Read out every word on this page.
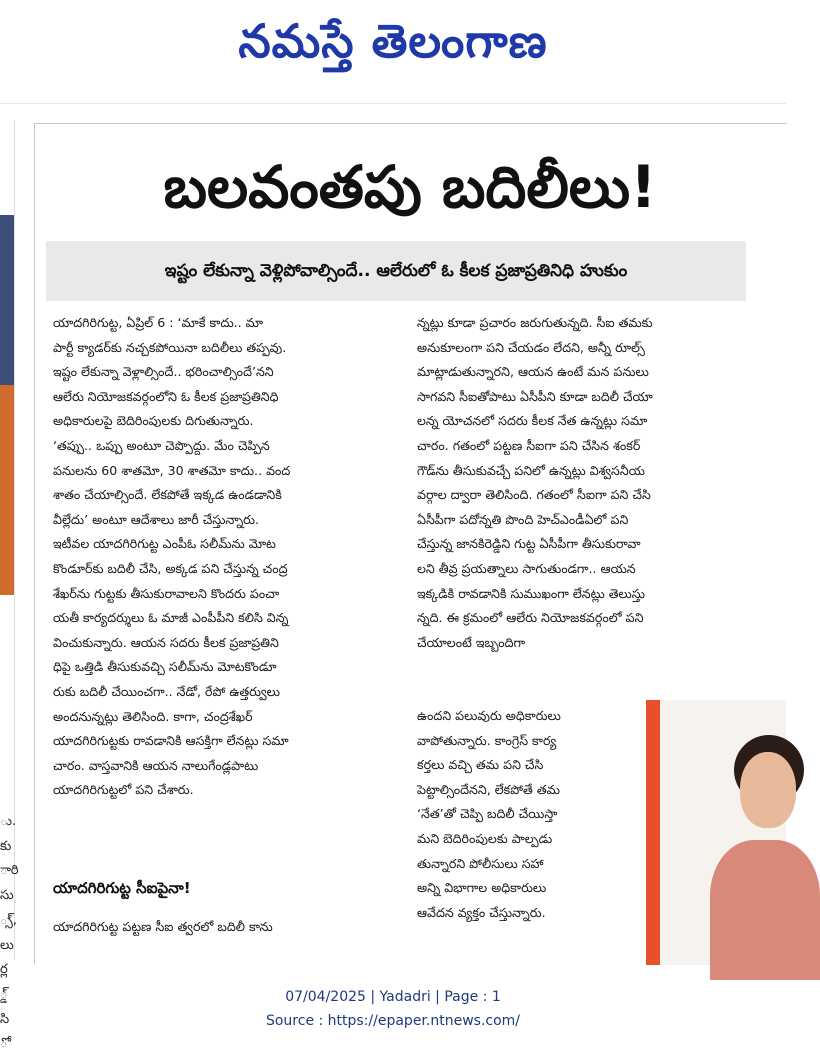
నమస్తే తెలంగాణ
ు.
కు
ారి
సు
్స్,
లు
ర్ల
్డ్
సి
ో
బలవంతపు బదిలీలు!
ఇష్టం లేకున్నా వెళ్లిపోవాల్సిందే.. ఆలేరులో ఓ కీలక ప్రజాప్రతినిధి హుకుం
యాదగిరిగుట్ట, ఏప్రిల్ 6 : ‘మాకే కాదు.. మా
పార్టీ క్యాడర్‌కు నచ్చకపోయినా బదిలీలు తప్పవు.
ఇష్టం లేకున్నా వెళ్లాల్సిందే.. భరించాల్సిందే’నని
ఆలేరు నియోజకవర్గంలోని ఓ కీలక ప్రజాప్రతినిధి
అధికారులపై బెదిరింపులకు దిగుతున్నారు.
‘తప్పు.. ఒప్పు అంటూ చెప్పొద్దు. మేం చెప్పిన
పనులను 60 శాతమో, 30 శాతమో కాదు.. వంద
శాతం చేయాల్సిందే. లేకపోతే ఇక్కడ ఉండడానికి
వీల్లేదు’ అంటూ ఆదేశాలు జారీ చేస్తున్నారు.
ఇటీవల యాదగిరిగుట్ట ఎంపీఓ సలీమ్‌ను మోట
కొండూర్‌కు బదిలీ చేసి, అక్కడ పని చేస్తున్న చంద్ర
శేఖర్‌ను గుట్టకు తీసుకురావాలని కొందరు పంచా
యతీ కార్యదర్శులు ఓ మాజీ ఎంపీపీని కలిసి విన్న
వించుకున్నారు. ఆయన సదరు కీలక ప్రజాప్రతిని
ధిపై ఒత్తిడి తీసుకువచ్చి సలీమ్‌ను మోటకొండూ
రుకు బదిలీ చేయించగా.. నేడో, రేపో ఉత్తర్వులు
అందనున్నట్లు తెలిసింది. కాగా, చంద్రశేఖర్
యాదగిరిగుట్టకు రావడానికి ఆసక్తిగా లేనట్లు సమా
చారం. వాస్తవానికి ఆయన నాలుగేండ్లపాటు
యాదగిరిగుట్టలో పని చేశారు.
యాదగిరిగుట్ట సీఐపైనా!
యాదగిరిగుట్ట పట్టణ సీఐ త్వరలో బదిలీ కాను
న్నట్లు కూడా ప్రచారం జరుగుతున్నది. సీఐ తమకు
అనుకూలంగా పని చేయడం లేదని, అన్నీ రూల్స్
మాట్లాడుతున్నారని, ఆయన ఉంటే మన పనులు
సాగవని సీఐతోపాటు ఏసీపీని కూడా బదిలీ చేయా
లన్న యోచనలో సదరు కీలక నేత ఉన్నట్లు సమా
చారం. గతంలో పట్టణ సీఐగా పని చేసిన శంకర్
గౌడ్‌ను తీసుకువచ్చే పనిలో ఉన్నట్లు విశ్వసనీయ
వర్గాల ద్వారా తెలిసింది. గతంలో సీఐగా పని చేసి
ఏసీపీగా పదోన్నతి పొంది హెచ్‌ఎండీఏలో పని
చేస్తున్న జానకిరెడ్డిని గుట్ట ఏసీపీగా తీసుకురావా
లని తీవ్ర ప్రయత్నాలు సాగుతుండగా.. ఆయన
ఇక్కడికి రావడానికి సుముఖంగా లేనట్లు తెలుస్తు
న్నది. ఈ క్రమంలో ఆలేరు నియోజకవర్గంలో పని
చేయాలంటే ఇబ్బందిగా
ఉందని పలువురు అధికారులు
వాపోతున్నారు. కాంగ్రెస్ కార్య
కర్తలు వచ్చి తమ పని చేసి
పెట్టాల్సిందేనని, లేకపోతే తమ
‘నేత’తో చెప్పి బదిలీ చేయిస్తా
మని బెదిరింపులకు పాల్పడు
తున్నారని పోలీసులు సహా
అన్ని విభాగాల అధికారులు
ఆవేదన వ్యక్తం చేస్తున్నారు.
07/04/2025 | Yadadri | Page : 1
Source : https://epaper.ntnews.com/
